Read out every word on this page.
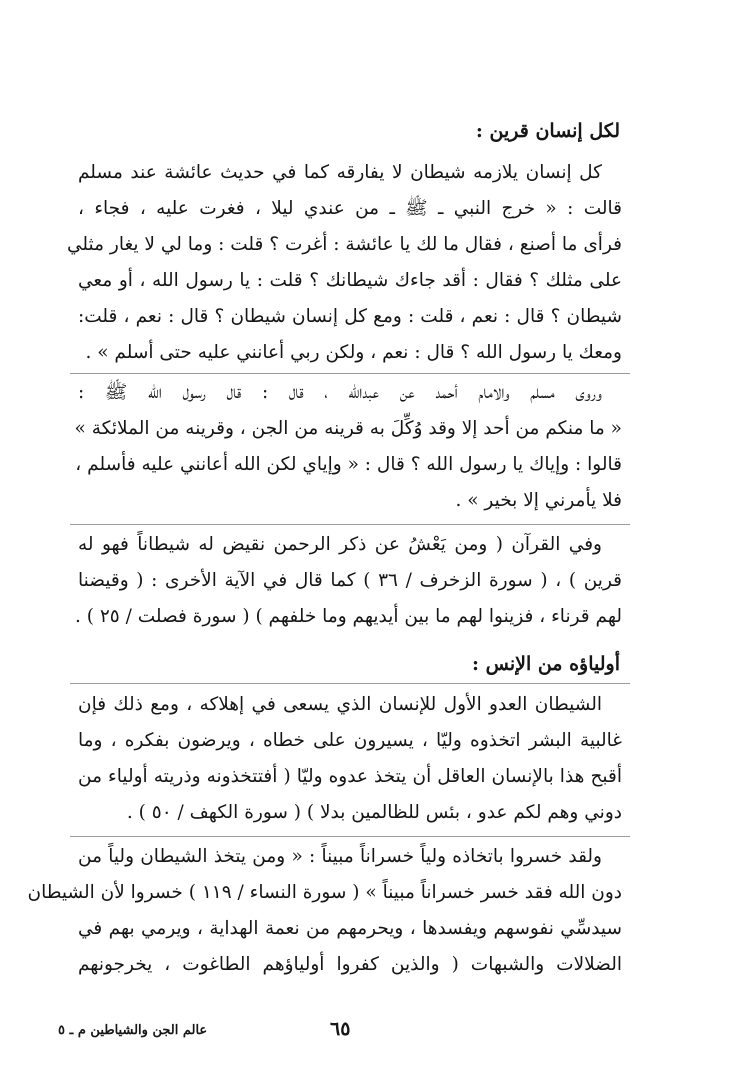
لكل إنسان قرين :
كل إنسان يلازمه شيطان لا يفارقه كما في حديث عائشة عند مسلم
قالت : « خرج النبي ـ ﷺ ـ من عندي ليلا ، فغرت عليه ، فجاء ،
فرأى ما أصنع ، فقال ما لك يا عائشة : أغرت ؟ قلت : وما لي لا يغار مثلي
على مثلك ؟ فقال : أقد جاءك شيطانك ؟ قلت : يا رسول الله ، أو معي
شيطان ؟ قال : نعم ، قلت : ومع كل إنسان شيطان ؟ قال : نعم ، قلت:
ومعك يا رسول الله ؟ قال : نعم ، ولكن ربي أعانني عليه حتى أسلم » .
وروى مسلم والامام أحمد عن عبدالله ، قال : قال رسول الله ﷺ :
« ما منكم من أحد إلا وقد وُكِّلَ به قرينه من الجن ، وقرينه من الملائكة »
قالوا : وإياك يا رسول الله ؟ قال : « وإياي لكن الله أعانني عليه فأسلم ،
فلا يأمرني إلا بخير » .
وفي القرآن ( ومن يَعْشُ عن ذكر الرحمن نقيض له شيطاناً فهو له
قرين ) ، ( سورة الزخرف / ٣٦ ) كما قال في الآية الأخرى : ( وقيضنا
لهم قرناء ، فزينوا لهم ما بين أيديهم وما خلفهم ) ( سورة فصلت / ٢٥ ) .
أولياؤه من الإنس :
الشيطان العدو الأول للإنسان الذي يسعى في إهلاكه ، ومع ذلك فإن
غالبية البشر اتخذوه وليّا ، يسيرون على خطاه ، ويرضون بفكره ، وما
أقبح هذا بالإنسان العاقل أن يتخذ عدوه وليّا ( أفتتخذونه وذريته أولياء من
دوني وهم لكم عدو ، بئس للظالمين بدلا ) ( سورة الكهف / ٥٠ ) .
ولقد خسروا باتخاذه ولياً خسراناً مبيناً : « ومن يتخذ الشيطان ولياً من
دون الله فقد خسر خسراناً مبيناً » ( سورة النساء / ١١٩ ) خسروا لأن الشيطان
سيدسِّي نفوسهم ويفسدها ، ويحرمهم من نعمة الهداية ، ويرمي بهم في
الضلالات والشبهات ( والذين كفروا أولياؤهم الطاغوت ، يخرجونهم
٦٥
عالم الجن والشياطين م ـ ٥
